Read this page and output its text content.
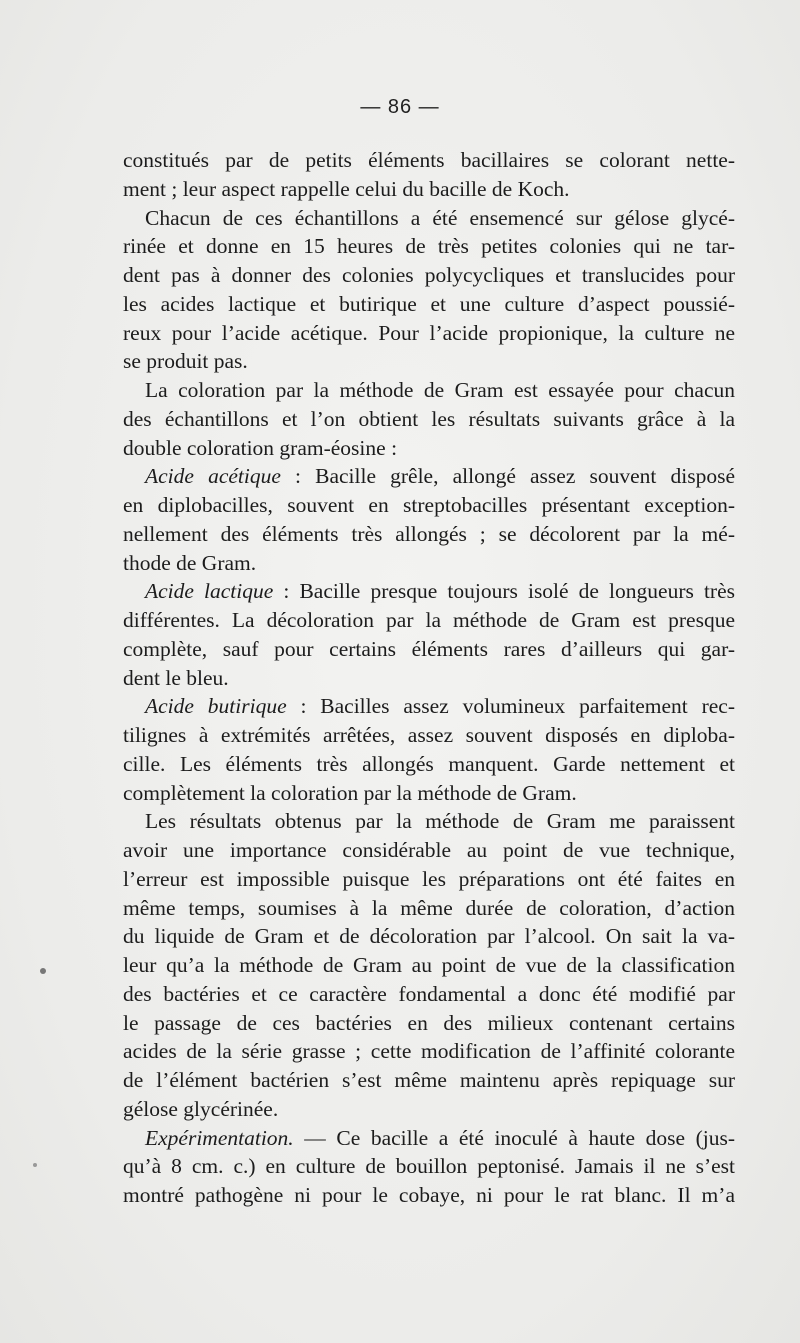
— 86 —
constitués par de petits éléments bacillaires se colorant nette-
ment ; leur aspect rappelle celui du bacille de Koch.
Chacun de ces échantillons a été ensemencé sur gélose glycé-
rinée et donne en 15 heures de très petites colonies qui ne tar-
dent pas à donner des colonies polycycliques et translucides pour
les acides lactique et butirique et une culture d’aspect poussié-
reux pour l’acide acétique. Pour l’acide propionique, la culture ne
se produit pas.
La coloration par la méthode de Gram est essayée pour chacun
des échantillons et l’on obtient les résultats suivants grâce à la
double coloration gram-éosine :
Acide acétique : Bacille grêle, allongé assez souvent disposé
en diplobacilles, souvent en streptobacilles présentant exception-
nellement des éléments très allongés ; se décolorent par la mé-
thode de Gram.
Acide lactique : Bacille presque toujours isolé de longueurs très
différentes. La décoloration par la méthode de Gram est presque
complète, sauf pour certains éléments rares d’ailleurs qui gar-
dent le bleu.
Acide butirique : Bacilles assez volumineux parfaitement rec-
tilignes à extrémités arrêtées, assez souvent disposés en diploba-
cille. Les éléments très allongés manquent. Garde nettement et
complètement la coloration par la méthode de Gram.
Les résultats obtenus par la méthode de Gram me paraissent
avoir une importance considérable au point de vue technique,
l’erreur est impossible puisque les préparations ont été faites en
même temps, soumises à la même durée de coloration, d’action
du liquide de Gram et de décoloration par l’alcool. On sait la va-
leur qu’a la méthode de Gram au point de vue de la classification
des bactéries et ce caractère fondamental a donc été modifié par
le passage de ces bactéries en des milieux contenant certains
acides de la série grasse ; cette modification de l’affinité colorante
de l’élément bactérien s’est même maintenu après repiquage sur
gélose glycérinée.
Expérimentation. — Ce bacille a été inoculé à haute dose (jus-
qu’à 8 cm. c.) en culture de bouillon peptonisé. Jamais il ne s’est
montré pathogène ni pour le cobaye, ni pour le rat blanc. Il m’a
